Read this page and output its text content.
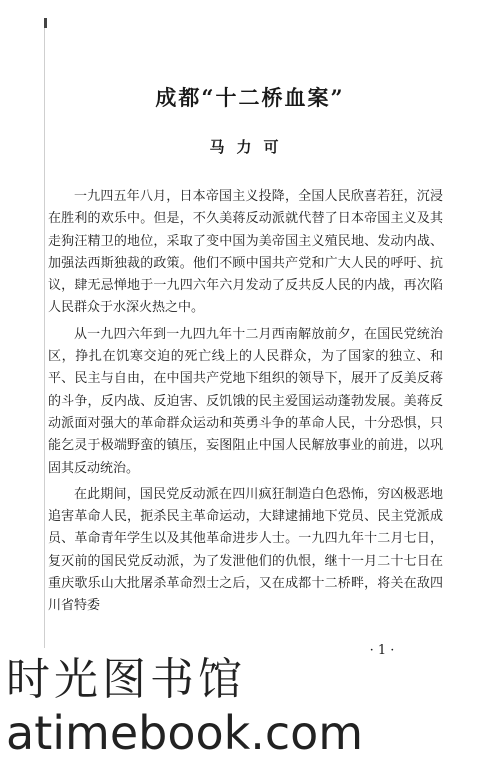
成都“十二桥血案”
马力可

一九四五年八月，日本帝国主义投降，全国人民欣喜若狂，沉浸在胜利的欢乐中。但是，不久美蒋反动派就代替了日本帝国主义及其走狗汪精卫的地位，采取了变中国为美帝国主义殖民地、发动内战、加强法西斯独裁的政策。他们不顾中国共产党和广大人民的呼吁、抗议，肆无忌惮地于一九四六年六月发动了反共反人民的内战，再次陷人民群众于水深火热之中。

从一九四六年到一九四九年十二月西南解放前夕，在国民党统治区，挣扎在饥寒交迫的死亡线上的人民群众，为了国家的独立、和平、民主与自由，在中国共产党地下组织的领导下，展开了反美反蒋的斗争，反内战、反迫害、反饥饿的民主爱国运动蓬勃发展。美蒋反动派面对强大的革命群众运动和英勇斗争的革命人民，十分恐惧，只能乞灵于极端野蛮的镇压，妄图阻止中国人民解放事业的前进，以巩固其反动统治。

在此期间，国民党反动派在四川疯狂制造白色恐怖，穷凶极恶地追害革命人民，扼杀民主革命运动，大肆逮捕地下党员、民主党派成员、革命青年学生以及其他革命进步人士。一九四九年十二月七日，复灭前的国民党反动派，为了发泄他们的仇恨，继十一月二十七日在重庆歌乐山大批屠杀革命烈士之后，又在成都十二桥畔，将关在敌四川省特委

· 1 ·
时光图书馆
atimebook.com
